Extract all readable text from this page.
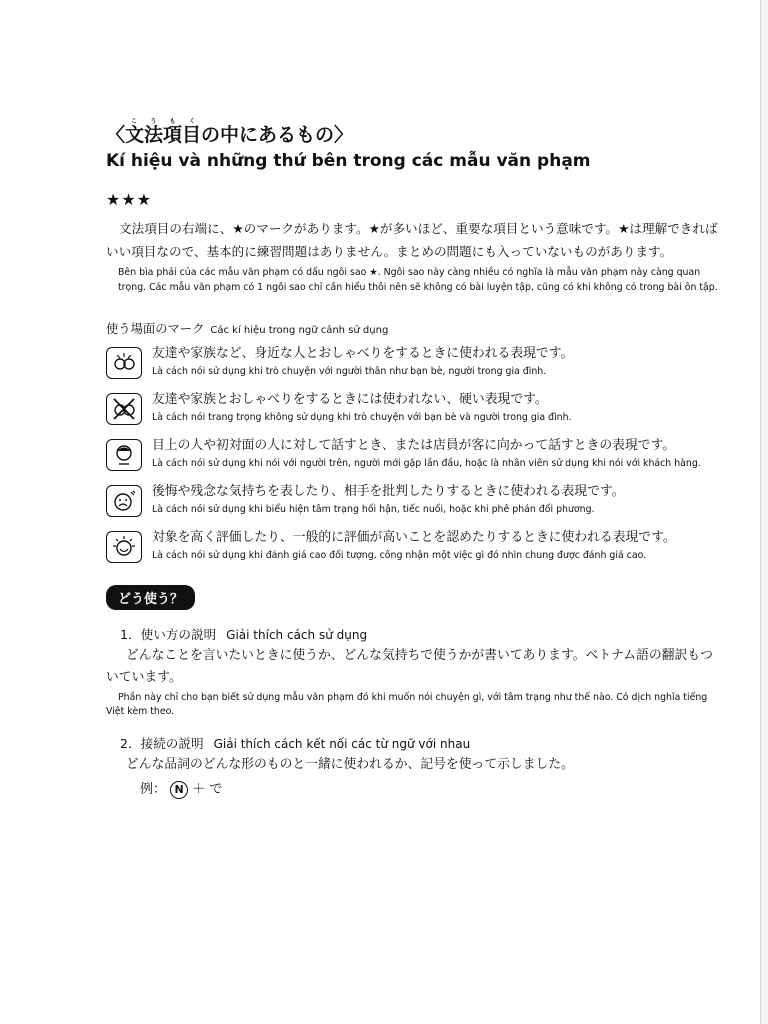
〈文法項目こうもくの中にあるもの〉

Kí hiệu và những thứ bên trong các mẫu văn phạm

★★★

文法項目の右端に、★のマークがあります。★が多いほど、重要な項目という意味です。★は理解できればいい項目なので、基本的に練習問題はありません。まとめの問題にも入っていないものがあります。

Bên bìa phải của các mẫu văn phạm có dấu ngôi sao ★. Ngôi sao này càng nhiều có nghĩa là mẫu văn phạm này càng quan trọng. Các mẫu văn phạm có 1 ngôi sao chỉ cần hiểu thôi nên sẽ không có bài luyện tập, cũng có khi không có trong bài ôn tập.

使う場面のマーク Các kí hiệu trong ngữ cảnh sử dụng

友達や家族など、身近な人とおしゃべりをするときに使われる表現です。

Là cách nói sử dụng khi trò chuyện với người thân như bạn bè, người trong gia đình.

友達や家族とおしゃべりをするときには使われない、硬い表現です。

Là cách nói trang trọng không sử dụng khi trò chuyện với bạn bè và người trong gia đình.

目上の人や初対面の人に対して話すとき、または店員が客に向かって話すときの表現です。

Là cách nói sử dụng khi nói với người trên, người mới gặp lần đầu, hoặc là nhân viên sử dụng khi nói với khách hàng.

後悔や残念な気持ちを表したり、相手を批判したりするときに使われる表現です。

Là cách nói sử dụng khi biểu hiện tâm trạng hối hận, tiếc nuối, hoặc khi phê phán đối phương.

対象を高く評価したり、一般的に評価が高いことを認めたりするときに使われる表現です。

Là cách nói sử dụng khi đánh giá cao đối tượng, công nhận một việc gì đó nhìn chung được đánh giá cao.

どう使う？
1．使い方の説明 Giải thích cách sử dụng

どんなことを言いたいときに使うか、どんな気持ちで使うかが書いてあります。ベトナム語の翻訳もついています。

Phần này chỉ cho bạn biết sử dụng mẫu văn phạm đó khi muốn nói chuyện gì, với tâm trạng như thế nào. Có dịch nghĩa tiếng Việt kèm theo.

2．接続の説明 Giải thích cách kết nối các từ ngữ với nhau

どんな品詞のどんな形のものと一緒に使われるか、記号を使って示しました。

例： N ＋ で
